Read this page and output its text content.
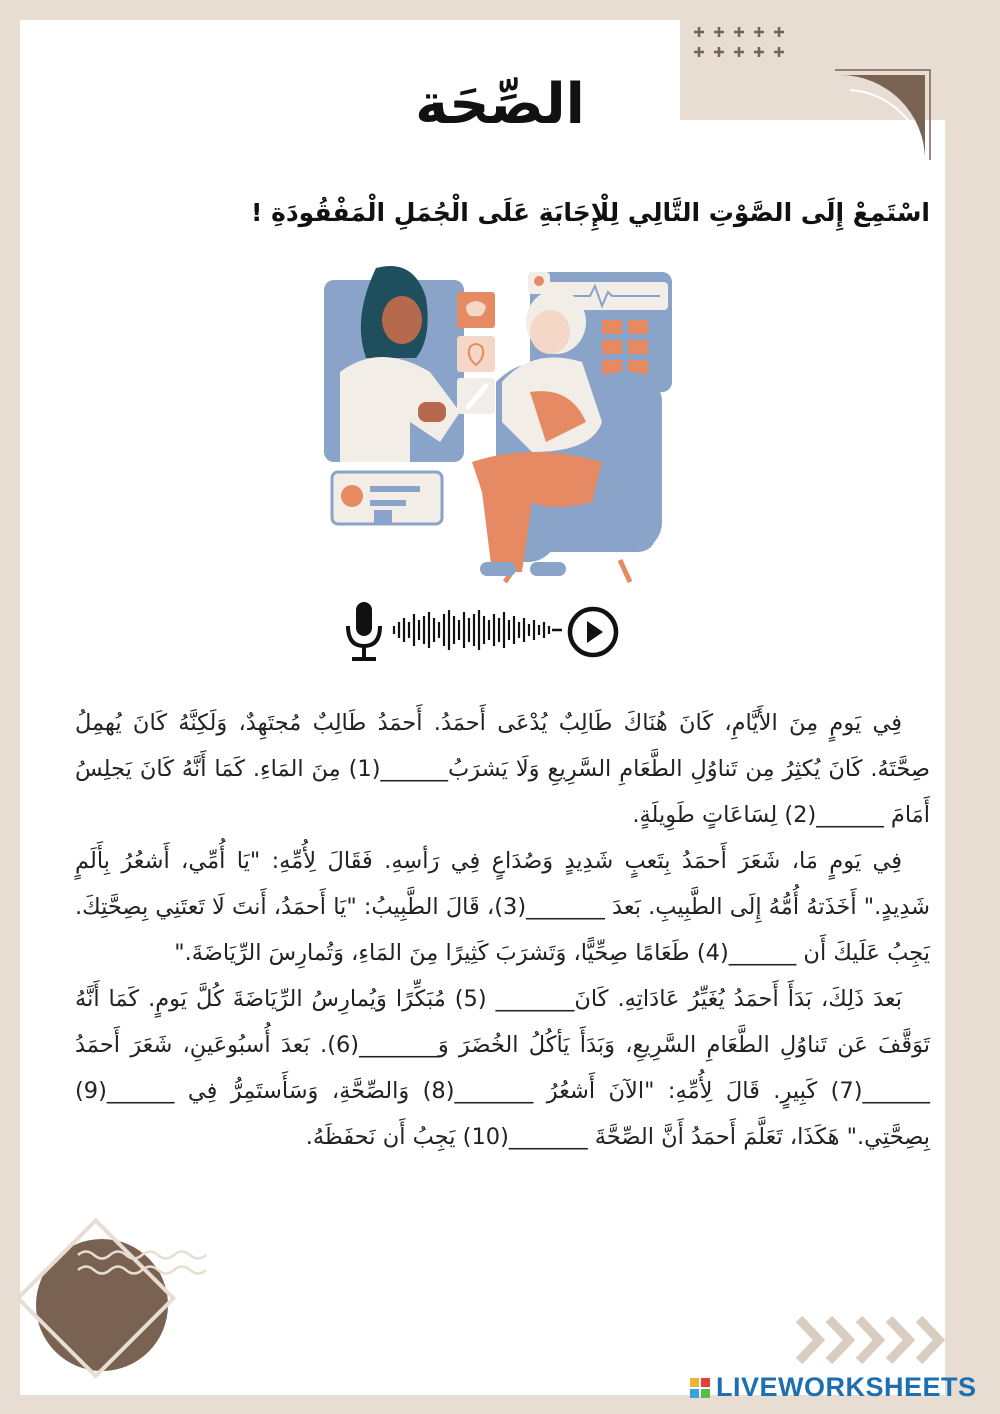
الصِّحَة

اسْتَمِعْ إِلَى الصَّوْتِ التَّالِي لِلْإِجَابَةِ عَلَى الْجُمَلِ الْمَفْقُودَةِ !

فِي يَومٍ مِنَ الأَيَّامِ، كَانَ هُنَاكَ طَالِبٌ يُدْعَى أَحمَدُ. أَحمَدُ طَالِبٌ مُجتَهِدٌ، وَلَكِنَّهُ كَانَ يُهمِلُ صِحَّتَهُ. كَانَ يُكثِرُ مِن تَناوُلِ الطَّعَامِ السَّرِيعِ وَلَا يَشرَبُ______(1) مِنَ المَاءِ. كَمَا أَنَّهُ كَانَ يَجلِسُ أَمَامَ ______(2) لِسَاعَاتٍ طَوِيلَةٍ.

فِي يَومٍ مَا، شَعَرَ أَحمَدُ بِتَعبٍ شَدِيدٍ وَصُدَاعٍ فِي رَأسِهِ. فَقَالَ لِأُمِّهِ: "يَا أُمِّي، أَشعُرُ بِأَلَمٍ شَدِيدٍ." أَخَذَتهُ أُمُّهُ إِلَى الطَّبِيبِ. بَعدَ _______(3)، قَالَ الطَّبِيبُ: "يَا أَحمَدُ، أَنتَ لَا تَعتَنِي بِصِحَّتِكَ. يَجِبُ عَلَيكَ أَن ______(4) طَعَامًا صِحِّيًّا، وَتَشرَبَ كَثِيرًا مِنَ المَاءِ، وَتُمارِسَ الرِّيَاضَةَ."

بَعدَ ذَلِكَ، بَدَأَ أَحمَدُ يُغَيِّرُ عَادَاتِهِ. كَانَ_______ (5) مُبَكِّرًا وَيُمارِسُ الرِّيَاضَةَ كُلَّ يَومٍ. كَمَا أَنَّهُ تَوَقَّفَ عَن تَناوُلِ الطَّعَامِ السَّرِيعِ، وَبَدَأَ يَأكُلُ الخُضَرَ وَ_______(6). بَعدَ أُسبُوعَينِ، شَعَرَ أَحمَدُ ______(7) كَبِيرٍ. قَالَ لِأُمِّهِ: "الآنَ أَشعُرُ _______(8) وَالصِّحَّةِ، وَسَأَستَمِرُّ فِي ______(9) بِصِحَّتِي." هَكَذَا، تَعَلَّمَ أَحمَدُ أَنَّ الصِّحَّةَ _______(10) يَجِبُ أَن نَحفَظَهُ.

LIVEWORKSHEETS
